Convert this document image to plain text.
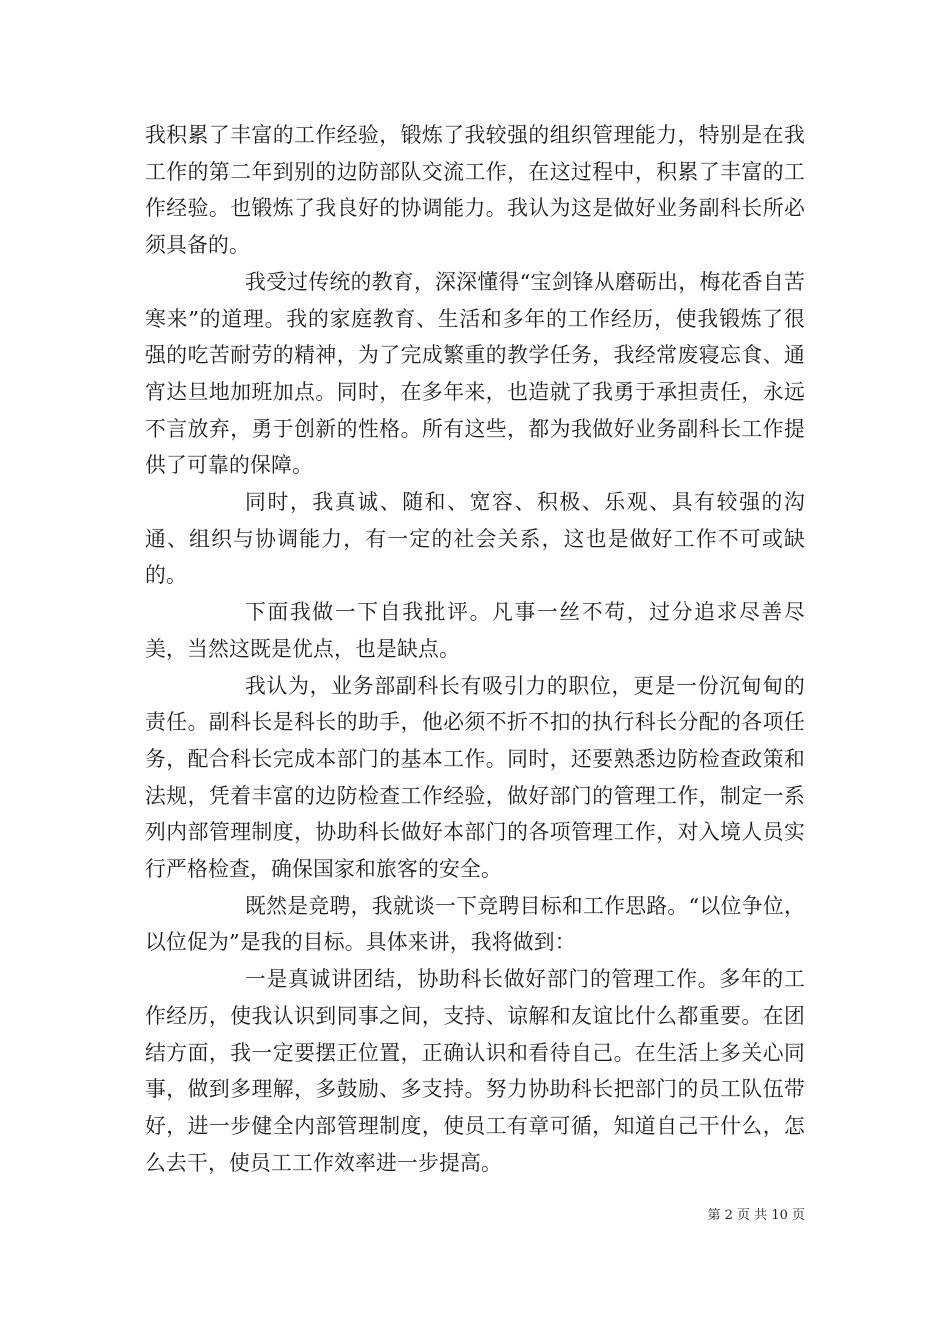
我积累了丰富的工作经验，锻炼了我较强的组织管理能力，特别是在我工作的第二年到别的边防部队交流工作，在这过程中，积累了丰富的工作经验。也锻炼了我良好的协调能力。我认为这是做好业务副科长所必须具备的。

我受过传统的教育，深深懂得“宝剑锋从磨砺出，梅花香自苦寒来”的道理。我的家庭教育、生活和多年的工作经历，使我锻炼了很强的吃苦耐劳的精神，为了完成繁重的教学任务，我经常废寝忘食、通宵达旦地加班加点。同时，在多年来，也造就了我勇于承担责任，永远不言放弃，勇于创新的性格。所有这些，都为我做好业务副科长工作提供了可靠的保障。

同时，我真诚、随和、宽容、积极、乐观、具有较强的沟通、组织与协调能力，有一定的社会关系，这也是做好工作不可或缺的。

下面我做一下自我批评。凡事一丝不苟，过分追求尽善尽美，当然这既是优点，也是缺点。

我认为，业务部副科长有吸引力的职位，更是一份沉甸甸的责任。副科长是科长的助手，他必须不折不扣的执行科长分配的各项任务，配合科长完成本部门的基本工作。同时，还要熟悉边防检查政策和法规，凭着丰富的边防检查工作经验，做好部门的管理工作，制定一系列内部管理制度，协助科长做好本部门的各项管理工作，对入境人员实行严格检查，确保国家和旅客的安全。

既然是竞聘，我就谈一下竞聘目标和工作思路。“以位争位，以位促为”是我的目标。具体来讲，我将做到：

一是真诚讲团结，协助科长做好部门的管理工作。多年的工作经历，使我认识到同事之间，支持、谅解和友谊比什么都重要。在团结方面，我一定要摆正位置，正确认识和看待自己。在生活上多关心同事，做到多理解，多鼓励、多支持。努力协助科长把部门的员工队伍带好，进一步健全内部管理制度，使员工有章可循，知道自己干什么，怎么去干，使员工工作效率进一步提高。

第 2 页 共 10 页
